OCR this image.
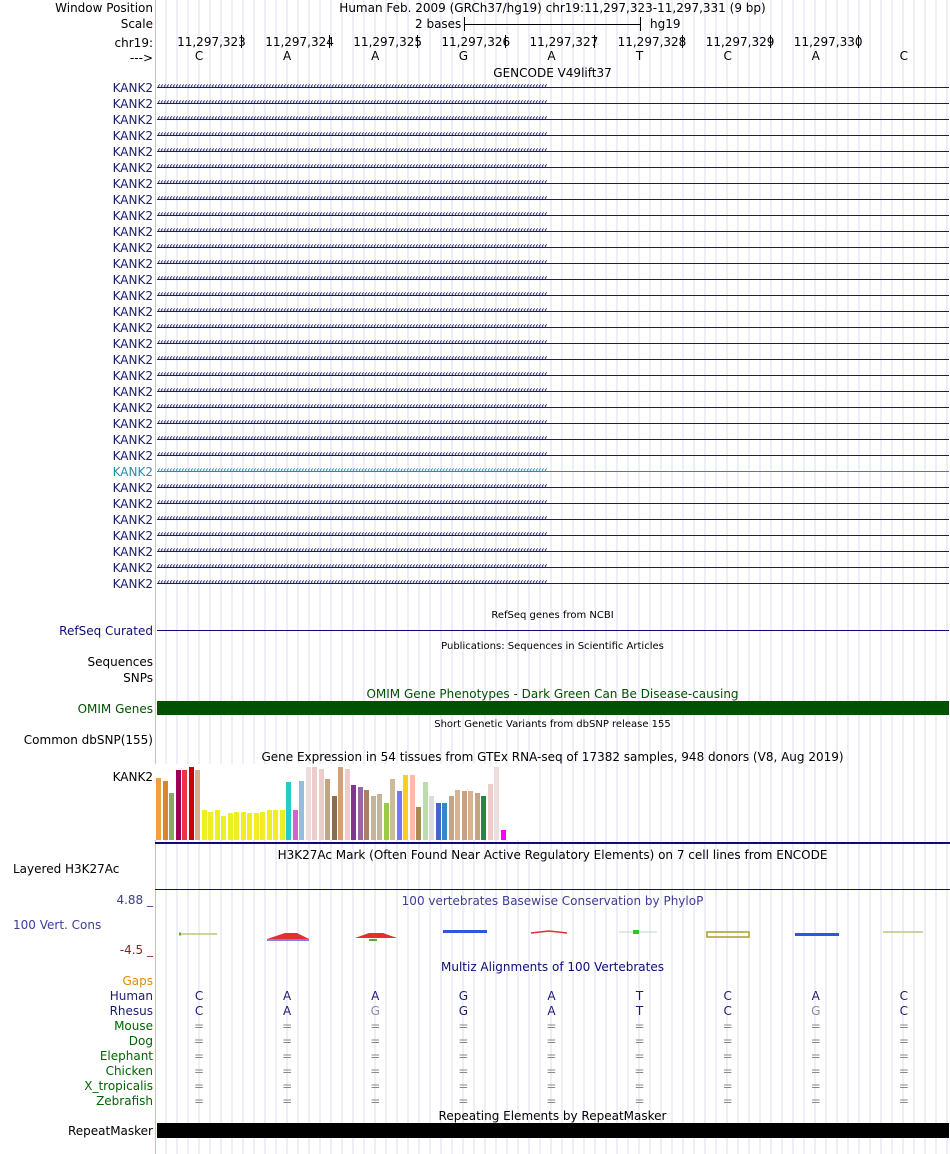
Window Position	Human Feb. 2009 (GRCh37/hg19) chr19:11,297,323-11,297,331 (9 bp)
Scale	2 bases	hg19
chr19: 11,297,323 11,297,324 11,297,325 11,297,326 11,297,327 11,297,328 11,297,329 11,297,330
C	A	A	G	A	T	C	A	C
--->
GENCODE V49lift37
KANK2 ‹‹‹‹‹‹‹‹‹‹‹‹‹‹‹‹‹‹‹‹‹‹‹‹‹‹‹‹‹‹‹‹‹‹‹‹‹‹‹‹‹‹‹‹‹‹‹‹‹‹‹‹‹‹‹‹‹‹‹‹‹‹‹‹‹‹‹‹‹‹‹‹‹‹‹‹‹‹‹‹‹‹‹‹‹‹‹‹‹‹‹‹‹‹‹‹‹‹‹‹‹‹‹‹‹‹‹‹‹‹‹‹‹‹‹‹‹‹‹‹‹‹‹‹‹‹‹‹‹‹
KANK2 ‹‹‹‹‹‹‹‹‹‹‹‹‹‹‹‹‹‹‹‹‹‹‹‹‹‹‹‹‹‹‹‹‹‹‹‹‹‹‹‹‹‹‹‹‹‹‹‹‹‹‹‹‹‹‹‹‹‹‹‹‹‹‹‹‹‹‹‹‹‹‹‹‹‹‹‹‹‹‹‹‹‹‹‹‹‹‹‹‹‹‹‹‹‹‹‹‹‹‹‹‹‹‹‹‹‹‹‹‹‹‹‹‹‹‹‹‹‹‹‹‹‹‹‹‹‹‹‹‹‹
KANK2 ‹‹‹‹‹‹‹‹‹‹‹‹‹‹‹‹‹‹‹‹‹‹‹‹‹‹‹‹‹‹‹‹‹‹‹‹‹‹‹‹‹‹‹‹‹‹‹‹‹‹‹‹‹‹‹‹‹‹‹‹‹‹‹‹‹‹‹‹‹‹‹‹‹‹‹‹‹‹‹‹‹‹‹‹‹‹‹‹‹‹‹‹‹‹‹‹‹‹‹‹‹‹‹‹‹‹‹‹‹‹‹‹‹‹‹‹‹‹‹‹‹‹‹‹‹‹‹‹‹‹
KANK2 ‹‹‹‹‹‹‹‹‹‹‹‹‹‹‹‹‹‹‹‹‹‹‹‹‹‹‹‹‹‹‹‹‹‹‹‹‹‹‹‹‹‹‹‹‹‹‹‹‹‹‹‹‹‹‹‹‹‹‹‹‹‹‹‹‹‹‹‹‹‹‹‹‹‹‹‹‹‹‹‹‹‹‹‹‹‹‹‹‹‹‹‹‹‹‹‹‹‹‹‹‹‹‹‹‹‹‹‹‹‹‹‹‹‹‹‹‹‹‹‹‹‹‹‹‹‹‹‹‹‹
KANK2 ‹‹‹‹‹‹‹‹‹‹‹‹‹‹‹‹‹‹‹‹‹‹‹‹‹‹‹‹‹‹‹‹‹‹‹‹‹‹‹‹‹‹‹‹‹‹‹‹‹‹‹‹‹‹‹‹‹‹‹‹‹‹‹‹‹‹‹‹‹‹‹‹‹‹‹‹‹‹‹‹‹‹‹‹‹‹‹‹‹‹‹‹‹‹‹‹‹‹‹‹‹‹‹‹‹‹‹‹‹‹‹‹‹‹‹‹‹‹‹‹‹‹‹‹‹‹‹‹‹‹
KANK2 ‹‹‹‹‹‹‹‹‹‹‹‹‹‹‹‹‹‹‹‹‹‹‹‹‹‹‹‹‹‹‹‹‹‹‹‹‹‹‹‹‹‹‹‹‹‹‹‹‹‹‹‹‹‹‹‹‹‹‹‹‹‹‹‹‹‹‹‹‹‹‹‹‹‹‹‹‹‹‹‹‹‹‹‹‹‹‹‹‹‹‹‹‹‹‹‹‹‹‹‹‹‹‹‹‹‹‹‹‹‹‹‹‹‹‹‹‹‹‹‹‹‹‹‹‹‹‹‹‹‹
KANK2 ‹‹‹‹‹‹‹‹‹‹‹‹‹‹‹‹‹‹‹‹‹‹‹‹‹‹‹‹‹‹‹‹‹‹‹‹‹‹‹‹‹‹‹‹‹‹‹‹‹‹‹‹‹‹‹‹‹‹‹‹‹‹‹‹‹‹‹‹‹‹‹‹‹‹‹‹‹‹‹‹‹‹‹‹‹‹‹‹‹‹‹‹‹‹‹‹‹‹‹‹‹‹‹‹‹‹‹‹‹‹‹‹‹‹‹‹‹‹‹‹‹‹‹‹‹‹‹‹‹‹
KANK2 ‹‹‹‹‹‹‹‹‹‹‹‹‹‹‹‹‹‹‹‹‹‹‹‹‹‹‹‹‹‹‹‹‹‹‹‹‹‹‹‹‹‹‹‹‹‹‹‹‹‹‹‹‹‹‹‹‹‹‹‹‹‹‹‹‹‹‹‹‹‹‹‹‹‹‹‹‹‹‹‹‹‹‹‹‹‹‹‹‹‹‹‹‹‹‹‹‹‹‹‹‹‹‹‹‹‹‹‹‹‹‹‹‹‹‹‹‹‹‹‹‹‹‹‹‹‹‹‹‹‹
KANK2 ‹‹‹‹‹‹‹‹‹‹‹‹‹‹‹‹‹‹‹‹‹‹‹‹‹‹‹‹‹‹‹‹‹‹‹‹‹‹‹‹‹‹‹‹‹‹‹‹‹‹‹‹‹‹‹‹‹‹‹‹‹‹‹‹‹‹‹‹‹‹‹‹‹‹‹‹‹‹‹‹‹‹‹‹‹‹‹‹‹‹‹‹‹‹‹‹‹‹‹‹‹‹‹‹‹‹‹‹‹‹‹‹‹‹‹‹‹‹‹‹‹‹‹‹‹‹‹‹‹‹
KANK2 ‹‹‹‹‹‹‹‹‹‹‹‹‹‹‹‹‹‹‹‹‹‹‹‹‹‹‹‹‹‹‹‹‹‹‹‹‹‹‹‹‹‹‹‹‹‹‹‹‹‹‹‹‹‹‹‹‹‹‹‹‹‹‹‹‹‹‹‹‹‹‹‹‹‹‹‹‹‹‹‹‹‹‹‹‹‹‹‹‹‹‹‹‹‹‹‹‹‹‹‹‹‹‹‹‹‹‹‹‹‹‹‹‹‹‹‹‹‹‹‹‹‹‹‹‹‹‹‹‹‹
KANK2 ‹‹‹‹‹‹‹‹‹‹‹‹‹‹‹‹‹‹‹‹‹‹‹‹‹‹‹‹‹‹‹‹‹‹‹‹‹‹‹‹‹‹‹‹‹‹‹‹‹‹‹‹‹‹‹‹‹‹‹‹‹‹‹‹‹‹‹‹‹‹‹‹‹‹‹‹‹‹‹‹‹‹‹‹‹‹‹‹‹‹‹‹‹‹‹‹‹‹‹‹‹‹‹‹‹‹‹‹‹‹‹‹‹‹‹‹‹‹‹‹‹‹‹‹‹‹‹‹‹‹
KANK2 ‹‹‹‹‹‹‹‹‹‹‹‹‹‹‹‹‹‹‹‹‹‹‹‹‹‹‹‹‹‹‹‹‹‹‹‹‹‹‹‹‹‹‹‹‹‹‹‹‹‹‹‹‹‹‹‹‹‹‹‹‹‹‹‹‹‹‹‹‹‹‹‹‹‹‹‹‹‹‹‹‹‹‹‹‹‹‹‹‹‹‹‹‹‹‹‹‹‹‹‹‹‹‹‹‹‹‹‹‹‹‹‹‹‹‹‹‹‹‹‹‹‹‹‹‹‹‹‹‹‹
KANK2 ‹‹‹‹‹‹‹‹‹‹‹‹‹‹‹‹‹‹‹‹‹‹‹‹‹‹‹‹‹‹‹‹‹‹‹‹‹‹‹‹‹‹‹‹‹‹‹‹‹‹‹‹‹‹‹‹‹‹‹‹‹‹‹‹‹‹‹‹‹‹‹‹‹‹‹‹‹‹‹‹‹‹‹‹‹‹‹‹‹‹‹‹‹‹‹‹‹‹‹‹‹‹‹‹‹‹‹‹‹‹‹‹‹‹‹‹‹‹‹‹‹‹‹‹‹‹‹‹‹‹
KANK2 ‹‹‹‹‹‹‹‹‹‹‹‹‹‹‹‹‹‹‹‹‹‹‹‹‹‹‹‹‹‹‹‹‹‹‹‹‹‹‹‹‹‹‹‹‹‹‹‹‹‹‹‹‹‹‹‹‹‹‹‹‹‹‹‹‹‹‹‹‹‹‹‹‹‹‹‹‹‹‹‹‹‹‹‹‹‹‹‹‹‹‹‹‹‹‹‹‹‹‹‹‹‹‹‹‹‹‹‹‹‹‹‹‹‹‹‹‹‹‹‹‹‹‹‹‹‹‹‹‹‹
KANK2 ‹‹‹‹‹‹‹‹‹‹‹‹‹‹‹‹‹‹‹‹‹‹‹‹‹‹‹‹‹‹‹‹‹‹‹‹‹‹‹‹‹‹‹‹‹‹‹‹‹‹‹‹‹‹‹‹‹‹‹‹‹‹‹‹‹‹‹‹‹‹‹‹‹‹‹‹‹‹‹‹‹‹‹‹‹‹‹‹‹‹‹‹‹‹‹‹‹‹‹‹‹‹‹‹‹‹‹‹‹‹‹‹‹‹‹‹‹‹‹‹‹‹‹‹‹‹‹‹‹‹
KANK2 ‹‹‹‹‹‹‹‹‹‹‹‹‹‹‹‹‹‹‹‹‹‹‹‹‹‹‹‹‹‹‹‹‹‹‹‹‹‹‹‹‹‹‹‹‹‹‹‹‹‹‹‹‹‹‹‹‹‹‹‹‹‹‹‹‹‹‹‹‹‹‹‹‹‹‹‹‹‹‹‹‹‹‹‹‹‹‹‹‹‹‹‹‹‹‹‹‹‹‹‹‹‹‹‹‹‹‹‹‹‹‹‹‹‹‹‹‹‹‹‹‹‹‹‹‹‹‹‹‹‹
KANK2 ‹‹‹‹‹‹‹‹‹‹‹‹‹‹‹‹‹‹‹‹‹‹‹‹‹‹‹‹‹‹‹‹‹‹‹‹‹‹‹‹‹‹‹‹‹‹‹‹‹‹‹‹‹‹‹‹‹‹‹‹‹‹‹‹‹‹‹‹‹‹‹‹‹‹‹‹‹‹‹‹‹‹‹‹‹‹‹‹‹‹‹‹‹‹‹‹‹‹‹‹‹‹‹‹‹‹‹‹‹‹‹‹‹‹‹‹‹‹‹‹‹‹‹‹‹‹‹‹‹‹
KANK2 ‹‹‹‹‹‹‹‹‹‹‹‹‹‹‹‹‹‹‹‹‹‹‹‹‹‹‹‹‹‹‹‹‹‹‹‹‹‹‹‹‹‹‹‹‹‹‹‹‹‹‹‹‹‹‹‹‹‹‹‹‹‹‹‹‹‹‹‹‹‹‹‹‹‹‹‹‹‹‹‹‹‹‹‹‹‹‹‹‹‹‹‹‹‹‹‹‹‹‹‹‹‹‹‹‹‹‹‹‹‹‹‹‹‹‹‹‹‹‹‹‹‹‹‹‹‹‹‹‹‹
KANK2 ‹‹‹‹‹‹‹‹‹‹‹‹‹‹‹‹‹‹‹‹‹‹‹‹‹‹‹‹‹‹‹‹‹‹‹‹‹‹‹‹‹‹‹‹‹‹‹‹‹‹‹‹‹‹‹‹‹‹‹‹‹‹‹‹‹‹‹‹‹‹‹‹‹‹‹‹‹‹‹‹‹‹‹‹‹‹‹‹‹‹‹‹‹‹‹‹‹‹‹‹‹‹‹‹‹‹‹‹‹‹‹‹‹‹‹‹‹‹‹‹‹‹‹‹‹‹‹‹‹‹
KANK2 ‹‹‹‹‹‹‹‹‹‹‹‹‹‹‹‹‹‹‹‹‹‹‹‹‹‹‹‹‹‹‹‹‹‹‹‹‹‹‹‹‹‹‹‹‹‹‹‹‹‹‹‹‹‹‹‹‹‹‹‹‹‹‹‹‹‹‹‹‹‹‹‹‹‹‹‹‹‹‹‹‹‹‹‹‹‹‹‹‹‹‹‹‹‹‹‹‹‹‹‹‹‹‹‹‹‹‹‹‹‹‹‹‹‹‹‹‹‹‹‹‹‹‹‹‹‹‹‹‹‹
KANK2 ‹‹‹‹‹‹‹‹‹‹‹‹‹‹‹‹‹‹‹‹‹‹‹‹‹‹‹‹‹‹‹‹‹‹‹‹‹‹‹‹‹‹‹‹‹‹‹‹‹‹‹‹‹‹‹‹‹‹‹‹‹‹‹‹‹‹‹‹‹‹‹‹‹‹‹‹‹‹‹‹‹‹‹‹‹‹‹‹‹‹‹‹‹‹‹‹‹‹‹‹‹‹‹‹‹‹‹‹‹‹‹‹‹‹‹‹‹‹‹‹‹‹‹‹‹‹‹‹‹‹
KANK2 ‹‹‹‹‹‹‹‹‹‹‹‹‹‹‹‹‹‹‹‹‹‹‹‹‹‹‹‹‹‹‹‹‹‹‹‹‹‹‹‹‹‹‹‹‹‹‹‹‹‹‹‹‹‹‹‹‹‹‹‹‹‹‹‹‹‹‹‹‹‹‹‹‹‹‹‹‹‹‹‹‹‹‹‹‹‹‹‹‹‹‹‹‹‹‹‹‹‹‹‹‹‹‹‹‹‹‹‹‹‹‹‹‹‹‹‹‹‹‹‹‹‹‹‹‹‹‹‹‹‹
KANK2 ‹‹‹‹‹‹‹‹‹‹‹‹‹‹‹‹‹‹‹‹‹‹‹‹‹‹‹‹‹‹‹‹‹‹‹‹‹‹‹‹‹‹‹‹‹‹‹‹‹‹‹‹‹‹‹‹‹‹‹‹‹‹‹‹‹‹‹‹‹‹‹‹‹‹‹‹‹‹‹‹‹‹‹‹‹‹‹‹‹‹‹‹‹‹‹‹‹‹‹‹‹‹‹‹‹‹‹‹‹‹‹‹‹‹‹‹‹‹‹‹‹‹‹‹‹‹‹‹‹‹
KANK2 ‹‹‹‹‹‹‹‹‹‹‹‹‹‹‹‹‹‹‹‹‹‹‹‹‹‹‹‹‹‹‹‹‹‹‹‹‹‹‹‹‹‹‹‹‹‹‹‹‹‹‹‹‹‹‹‹‹‹‹‹‹‹‹‹‹‹‹‹‹‹‹‹‹‹‹‹‹‹‹‹‹‹‹‹‹‹‹‹‹‹‹‹‹‹‹‹‹‹‹‹‹‹‹‹‹‹‹‹‹‹‹‹‹‹‹‹‹‹‹‹‹‹‹‹‹‹‹‹‹‹
KANK2 ‹‹‹‹‹‹‹‹‹‹‹‹‹‹‹‹‹‹‹‹‹‹‹‹‹‹‹‹‹‹‹‹‹‹‹‹‹‹‹‹‹‹‹‹‹‹‹‹‹‹‹‹‹‹‹‹‹‹‹‹‹‹‹‹‹‹‹‹‹‹‹‹‹‹‹‹‹‹‹‹‹‹‹‹‹‹‹‹‹‹‹‹‹‹‹‹‹‹‹‹‹‹‹‹‹‹‹‹‹‹‹‹‹‹‹‹‹‹‹‹‹‹‹‹‹‹‹‹‹‹
KANK2 ‹‹‹‹‹‹‹‹‹‹‹‹‹‹‹‹‹‹‹‹‹‹‹‹‹‹‹‹‹‹‹‹‹‹‹‹‹‹‹‹‹‹‹‹‹‹‹‹‹‹‹‹‹‹‹‹‹‹‹‹‹‹‹‹‹‹‹‹‹‹‹‹‹‹‹‹‹‹‹‹‹‹‹‹‹‹‹‹‹‹‹‹‹‹‹‹‹‹‹‹‹‹‹‹‹‹‹‹‹‹‹‹‹‹‹‹‹‹‹‹‹‹‹‹‹‹‹‹‹‹
KANK2 ‹‹‹‹‹‹‹‹‹‹‹‹‹‹‹‹‹‹‹‹‹‹‹‹‹‹‹‹‹‹‹‹‹‹‹‹‹‹‹‹‹‹‹‹‹‹‹‹‹‹‹‹‹‹‹‹‹‹‹‹‹‹‹‹‹‹‹‹‹‹‹‹‹‹‹‹‹‹‹‹‹‹‹‹‹‹‹‹‹‹‹‹‹‹‹‹‹‹‹‹‹‹‹‹‹‹‹‹‹‹‹‹‹‹‹‹‹‹‹‹‹‹‹‹‹‹‹‹‹‹
KANK2 ‹‹‹‹‹‹‹‹‹‹‹‹‹‹‹‹‹‹‹‹‹‹‹‹‹‹‹‹‹‹‹‹‹‹‹‹‹‹‹‹‹‹‹‹‹‹‹‹‹‹‹‹‹‹‹‹‹‹‹‹‹‹‹‹‹‹‹‹‹‹‹‹‹‹‹‹‹‹‹‹‹‹‹‹‹‹‹‹‹‹‹‹‹‹‹‹‹‹‹‹‹‹‹‹‹‹‹‹‹‹‹‹‹‹‹‹‹‹‹‹‹‹‹‹‹‹‹‹‹‹
KANK2 ‹‹‹‹‹‹‹‹‹‹‹‹‹‹‹‹‹‹‹‹‹‹‹‹‹‹‹‹‹‹‹‹‹‹‹‹‹‹‹‹‹‹‹‹‹‹‹‹‹‹‹‹‹‹‹‹‹‹‹‹‹‹‹‹‹‹‹‹‹‹‹‹‹‹‹‹‹‹‹‹‹‹‹‹‹‹‹‹‹‹‹‹‹‹‹‹‹‹‹‹‹‹‹‹‹‹‹‹‹‹‹‹‹‹‹‹‹‹‹‹‹‹‹‹‹‹‹‹‹‹
KANK2 ‹‹‹‹‹‹‹‹‹‹‹‹‹‹‹‹‹‹‹‹‹‹‹‹‹‹‹‹‹‹‹‹‹‹‹‹‹‹‹‹‹‹‹‹‹‹‹‹‹‹‹‹‹‹‹‹‹‹‹‹‹‹‹‹‹‹‹‹‹‹‹‹‹‹‹‹‹‹‹‹‹‹‹‹‹‹‹‹‹‹‹‹‹‹‹‹‹‹‹‹‹‹‹‹‹‹‹‹‹‹‹‹‹‹‹‹‹‹‹‹‹‹‹‹‹‹‹‹‹‹
KANK2 ‹‹‹‹‹‹‹‹‹‹‹‹‹‹‹‹‹‹‹‹‹‹‹‹‹‹‹‹‹‹‹‹‹‹‹‹‹‹‹‹‹‹‹‹‹‹‹‹‹‹‹‹‹‹‹‹‹‹‹‹‹‹‹‹‹‹‹‹‹‹‹‹‹‹‹‹‹‹‹‹‹‹‹‹‹‹‹‹‹‹‹‹‹‹‹‹‹‹‹‹‹‹‹‹‹‹‹‹‹‹‹‹‹‹‹‹‹‹‹‹‹‹‹‹‹‹‹‹‹‹
KANK2 ‹‹‹‹‹‹‹‹‹‹‹‹‹‹‹‹‹‹‹‹‹‹‹‹‹‹‹‹‹‹‹‹‹‹‹‹‹‹‹‹‹‹‹‹‹‹‹‹‹‹‹‹‹‹‹‹‹‹‹‹‹‹‹‹‹‹‹‹‹‹‹‹‹‹‹‹‹‹‹‹‹‹‹‹‹‹‹‹‹‹‹‹‹‹‹‹‹‹‹‹‹‹‹‹‹‹‹‹‹‹‹‹‹‹‹‹‹‹‹‹‹‹‹‹‹‹‹‹‹‹
RefSeq genes from NCBI
RefSeq Curated
Publications: Sequences in Scientific Articles
Sequences
SNPs
OMIM Gene Phenotypes - Dark Green Can Be Disease-causing
OMIM Genes
Short Genetic Variants from dbSNP release 155
Common dbSNP(155)
Gene Expression in 54 tissues from GTEx RNA-seq of 17382 samples, 948 donors (V8, Aug 2019)
KANK2
H3K27Ac Mark (Often Found Near Active Regulatory Elements) on 7 cell lines from ENCODE
Layered H3K27Ac
100 vertebrates Basewise Conservation by PhyloP
4.88 _
100 Vert. Cons
-4.5 _
Multiz Alignments of 100 Vertebrates
Gaps
Human	C	A	A	G	A	T	C	A	C
Rhesus	C	A	G	G	A	T	C	G	C
Mouse	=	=	=	=	=	=	=	=	=
Dog	=	=	=	=	=	=	=	=	=
Elephant	=	=	=	=	=	=	=	=	=
Chicken	=	=	=	=	=	=	=	=	=
X_tropicalis	=	=	=	=	=	=	=	=	=
Zebrafish	=	=	=	=	=	=	=	=	=
Repeating Elements by RepeatMasker
RepeatMasker
